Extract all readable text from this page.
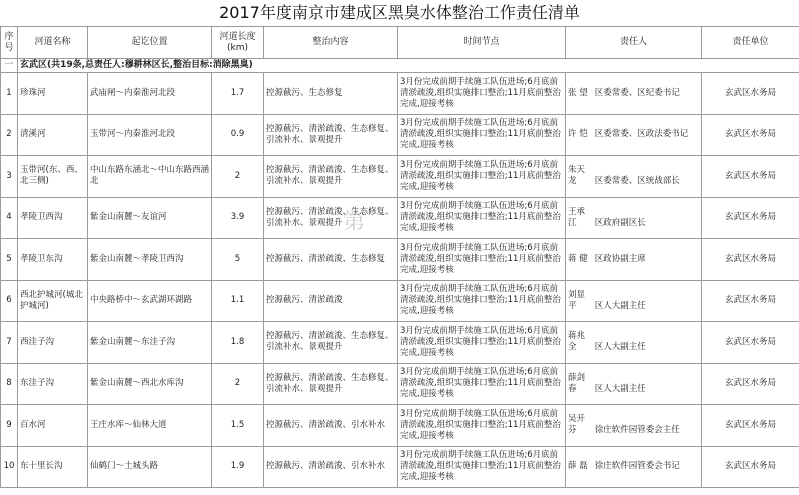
2017年度南京市建成区黑臭水体整治工作责任清单
序号	河道名称	起讫位置	河道长度(km)	整治内容	时间节点	责任人	责任单位
一	玄武区(共19条,总责任人:穆耕林区长,整治目标:消除黑臭)						
1	珍珠河	武庙闸～内秦淮河北段	1.7	控源截污、生态修复	3月份完成前期手续施工队伍进场;6月底前清淤疏浚,组织实施排口整治;11月底前整治完成,迎接考核	张 望 区委常委、区纪委书记	玄武区水务局
2	清溪河	玉带河～内秦淮河北段	0.9	控源截污、清淤疏浚、生态修复、引流补水、景观提升	3月份完成前期手续施工队伍进场;6月底前清淤疏浚,组织实施排口整治;11月底前整治完成,迎接考核	许 恺 区委常委、区政法委书记	玄武区水务局
3	玉带河(东、西、北三侧)	中山东路东涵北～中山东路西涵北	2	控源截污、清淤疏浚、生态修复、引流补水、景观提升	3月份完成前期手续施工队伍进场;6月底前清淤疏浚,组织实施排口整治;11月底前整治完成,迎接考核	朱天龙 区委常委、区统战部长	玄武区水务局
4	孝陵卫西沟	紫金山南麓～友谊河	3.9	控源截污、清淤疏浚、生态修复、引流补水、景观提升	3月份完成前期手续施工队伍进场;6月底前清淤疏浚,组织实施排口整治;11月底前整治完成,迎接考核	王承江 区政府副区长	玄武区水务局
5	孝陵卫东沟	紫金山南麓～孝陵卫西沟	5	控源截污、清淤疏浚、生态修复	3月份完成前期手续施工队伍进场;6月底前清淤疏浚,组织实施排口整治;11月底前整治完成,迎接考核	蒋 健 区政协副主席	玄武区水务局
6	西北护城河(城北护城河)	中央路桥中～玄武湖环湖路	1.1	控源截污、清淤疏浚	3月份完成前期手续施工队伍进场;6月底前清淤疏浚,组织实施排口整治;11月底前整治完成,迎接考核	刘显平 区人大副主任	玄武区水务局
7	西洼子沟	紫金山南麓～东洼子沟	1.8	控源截污、清淤疏浚、生态修复、引流补水、景观提升	3月份完成前期手续施工队伍进场;6月底前清淤疏浚,组织实施排口整治;11月底前整治完成,迎接考核	蒋兆全 区人大副主任	玄武区水务局
8	东洼子沟	紫金山南麓～西北水库沟	2	控源截污、清淤疏浚、生态修复、引流补水、景观提升	3月份完成前期手续施工队伍进场;6月底前清淤疏浚,组织实施排口整治;11月底前整治完成,迎接考核	薛剑春 区人大副主任	玄武区水务局
9	百水河	王庄水库～仙林大道	1.5	控源截污、清淤疏浚、引水补水	3月份完成前期手续施工队伍进场;6月底前清淤疏浚,组织实施排口整治;11月底前整治完成,迎接考核	吴开芬 徐庄软件园管委会主任	玄武区水务局
10	东十里长沟	仙鹤门～土城头路	1.9	控源截污、清淤疏浚、引水补水	3月份完成前期手续施工队伍进场;6月底前清淤疏浚,组织实施排口整治;11月底前整治完成,迎接考核	薛 磊 徐庄软件园管委会书记	玄武区水务局
第
